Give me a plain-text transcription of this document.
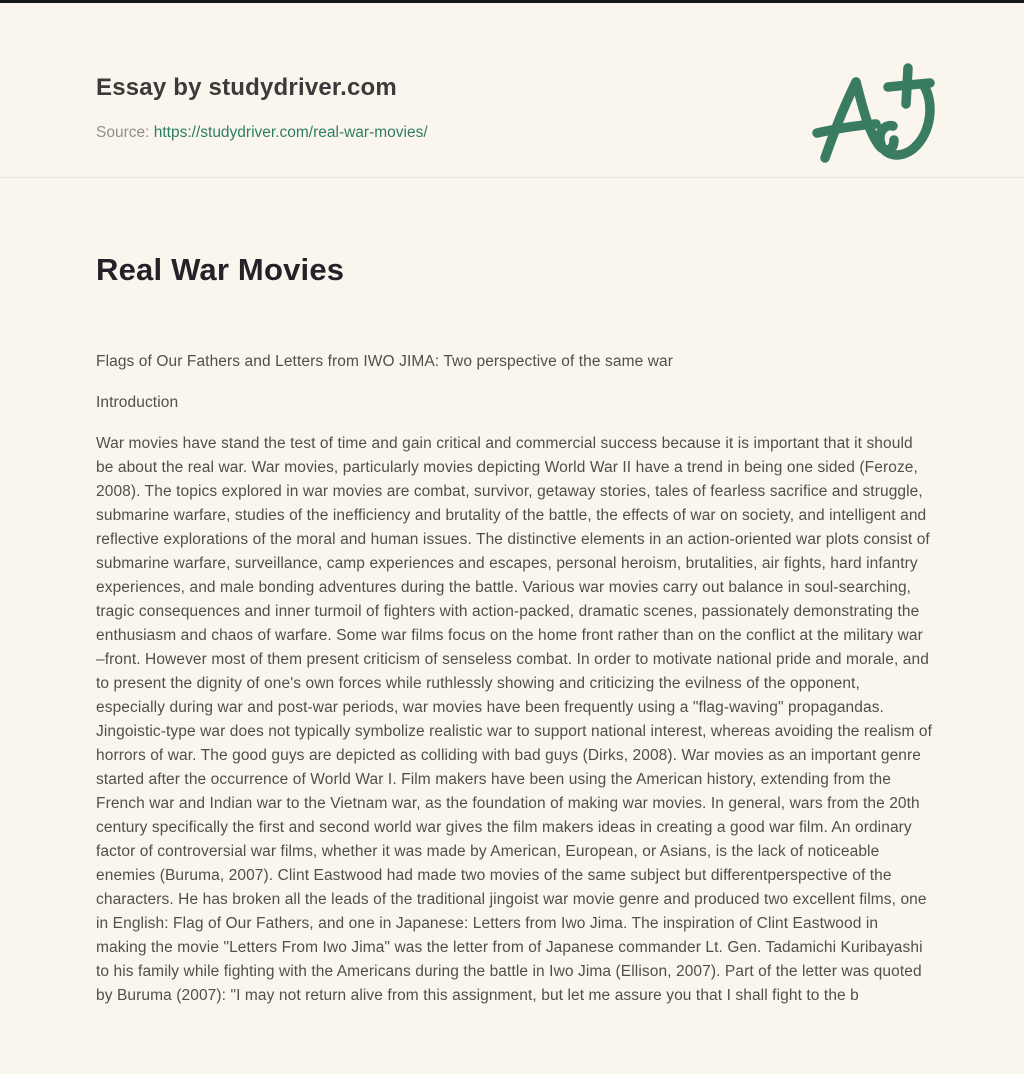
Essay by studydriver.com
Source: https://studydriver.com/real-war-movies/
Real War Movies

Flags of Our Fathers and Letters from IWO JIMA: Two perspective of the same war

Introduction

War movies have stand the test of time and gain critical and commercial success because it is important that it should be about the real war. War movies, particularly movies depicting World War II have a trend in being one sided (Feroze, 2008). The topics explored in war movies are combat, survivor, getaway stories, tales of fearless sacrifice and struggle, submarine warfare, studies of the inefficiency and brutality of the battle, the effects of war on society, and intelligent and reflective explorations of the moral and human issues. The distinctive elements in an action-oriented war plots consist of submarine warfare, surveillance, camp experiences and escapes, personal heroism, brutalities, air fights, hard infantry experiences, and male bonding adventures during the battle. Various war movies carry out balance in soul-searching, tragic consequences and inner turmoil of fighters with action-packed, dramatic scenes, passionately demonstrating the enthusiasm and chaos of warfare. Some war films focus on the home front rather than on the conflict at the military war –front. However most of them present criticism of senseless combat. In order to motivate national pride and morale, and to present the dignity of one's own forces while ruthlessly showing and criticizing the evilness of the opponent, especially during war and post-war periods, war movies have been frequently using a "flag-waving" propagandas. Jingoistic-type war does not typically symbolize realistic war to support national interest, whereas avoiding the realism of horrors of war. The good guys are depicted as colliding with bad guys (Dirks, 2008). War movies as an important genre started after the occurrence of World War I. Film makers have been using the American history, extending from the French war and Indian war to the Vietnam war, as the foundation of making war movies. In general, wars from the 20th century specifically the first and second world war gives the film makers ideas in creating a good war film. An ordinary factor of controversial war films, whether it was made by American, European, or Asians, is the lack of noticeable enemies (Buruma, 2007). Clint Eastwood had made two movies of the same subject but differentperspective of the characters. He has broken all the leads of the traditional jingoist war movie genre and produced two excellent films, one in English: Flag of Our Fathers, and one in Japanese: Letters from Iwo Jima. The inspiration of Clint Eastwood in making the movie "Letters From Iwo Jima" was the letter from of Japanese commander Lt. Gen. Tadamichi Kuribayashi to his family while fighting with the Americans during the battle in Iwo Jima (Ellison, 2007). Part of the letter was quoted by Buruma (2007): "I may not return alive from this assignment, but let me assure you that I shall fight to the b
